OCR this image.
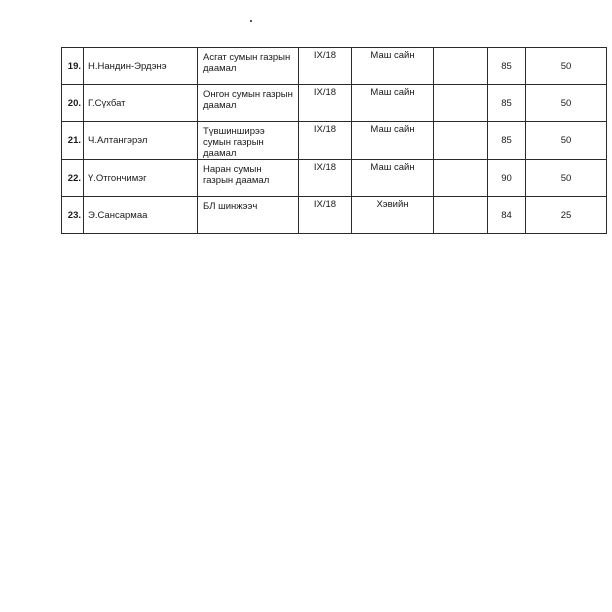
19.	Н.Нандин-Эрдэнэ	Асгат сумын газрын даамал	IX/18	Маш сайн		85	50
20.	Г.Сүхбат	Онгон сумын газрын даамал	IX/18	Маш сайн		85	50
21.	Ч.Алтангэрэл	Түвшинширээ сумын газрын даамал	IX/18	Маш сайн		85	50
22.	Ү.Отгончимэг	Наран сумын газрын даамал	IX/18	Маш сайн		90	50
23.	Э.Сансармаа	БЛ шинжээч	IX/18	Хэвийн		84	25
